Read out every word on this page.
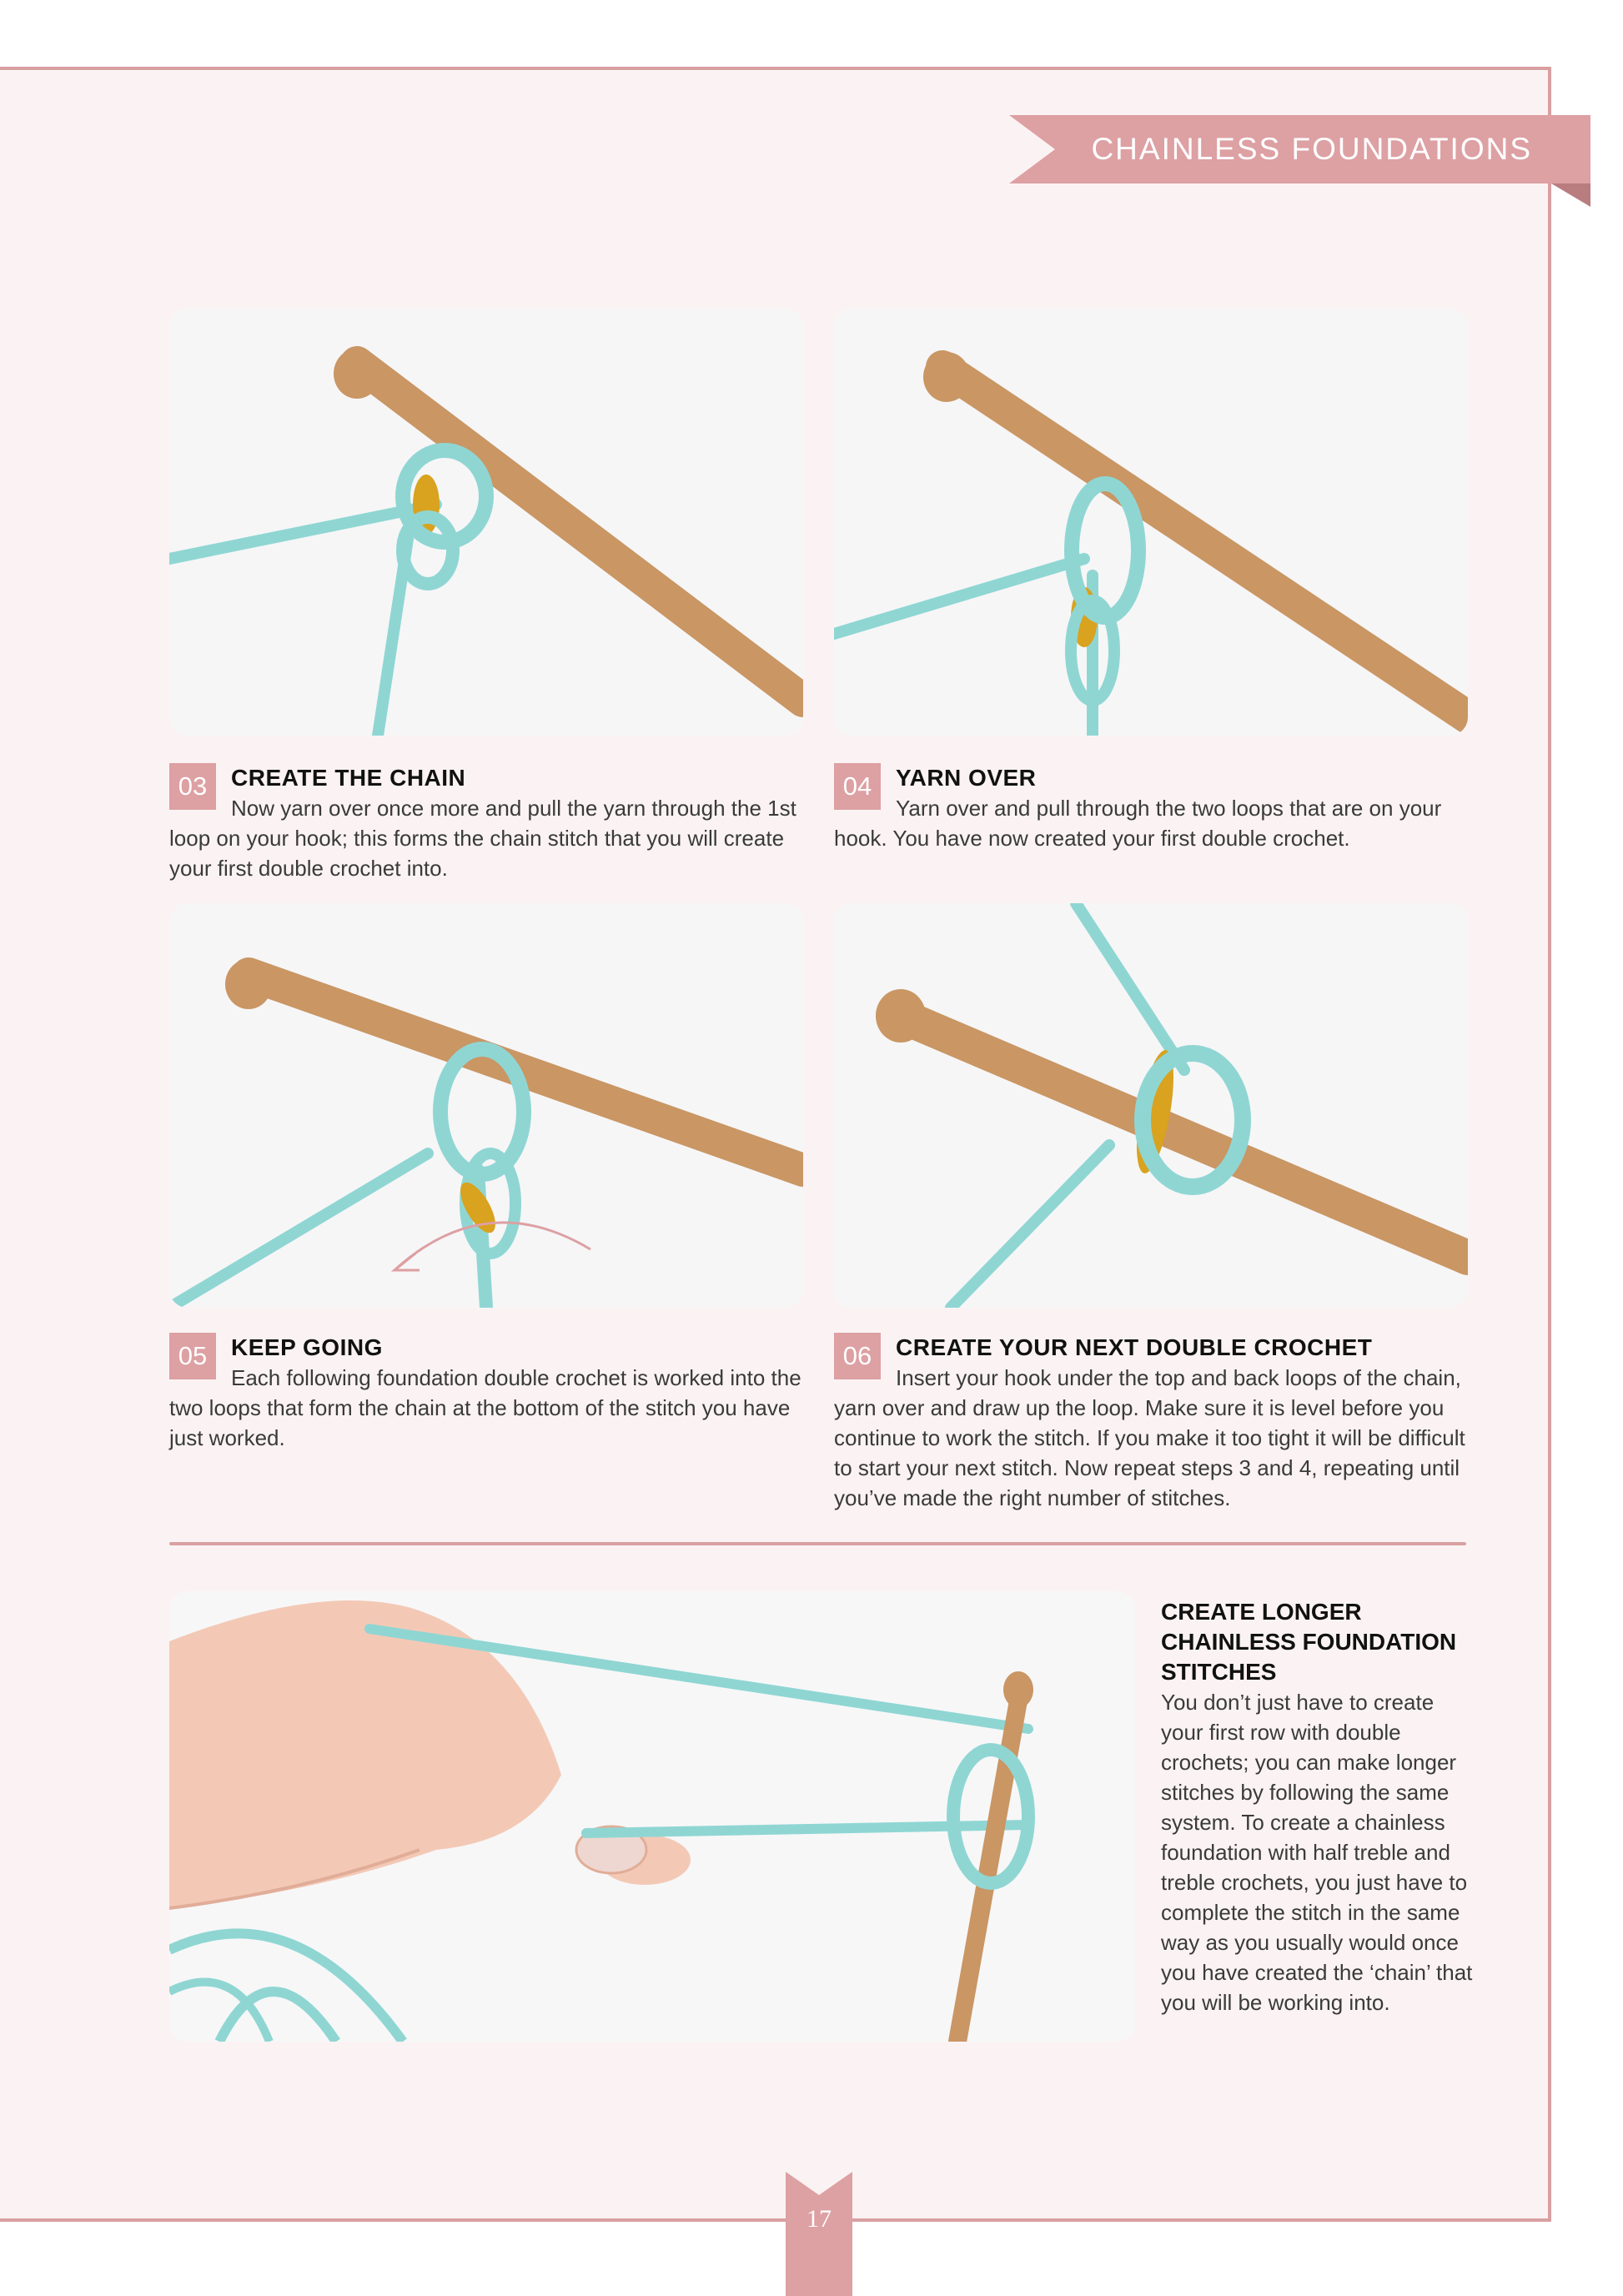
CHAINLESS FOUNDATIONS
03	CREATE THE CHAIN
Now yarn over once more and pull the yarn through the 1st loop on your hook; this forms the chain stitch that you will create your first double crochet into.
04	YARN OVER
Yarn over and pull through the two loops that are on your hook. You have now created your first double crochet.
05	KEEP GOING
Each following foundation double crochet is worked into the two loops that form the chain at the bottom of the stitch you have just worked.
06	CREATE YOUR NEXT DOUBLE CROCHET
Insert your hook under the top and back loops of the chain, yarn over and draw up the loop. Make sure it is level before you continue to work the stitch. If you make it too tight it will be difficult to start your next stitch. Now repeat steps 3 and 4, repeating until you’ve made the right number of stitches.
CREATE LONGER CHAINLESS FOUNDATION STITCHES
You don’t just have to create your first row with double crochets; you can make longer stitches by following the same system. To create a chainless foundation with half treble and treble crochets, you just have to complete the stitch in the same way as you usually would once you have created the ‘chain’ that you will be working into.
17
